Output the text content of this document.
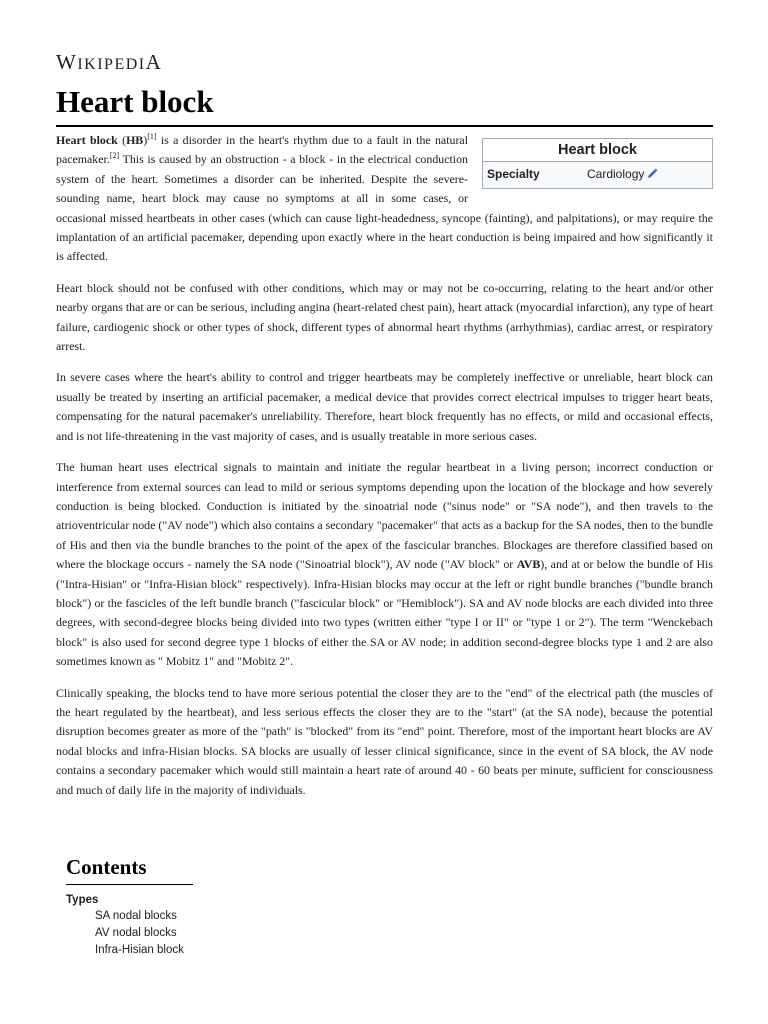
WIKIPEDIA
Heart block
Heart block
Specialty	Cardiology

Heart block (HB)[1] is a disorder in the heart's rhythm due to a fault in the natural pacemaker.[2] This is caused by an obstruction - a block - in the electrical conduction system of the heart. Sometimes a disorder can be inherited. Despite the severe-sounding name, heart block may cause no symptoms at all in some cases, or occasional missed heartbeats in other cases (which can cause light-headedness, syncope (fainting), and palpitations), or may require the implantation of an artificial pacemaker, depending upon exactly where in the heart conduction is being impaired and how significantly it is affected.

Heart block should not be confused with other conditions, which may or may not be co-occurring, relating to the heart and/or other nearby organs that are or can be serious, including angina (heart-related chest pain), heart attack (myocardial infarction), any type of heart failure, cardiogenic shock or other types of shock, different types of abnormal heart rhythms (arrhythmias), cardiac arrest, or respiratory arrest.

In severe cases where the heart's ability to control and trigger heartbeats may be completely ineffective or unreliable, heart block can usually be treated by inserting an artificial pacemaker, a medical device that provides correct electrical impulses to trigger heart beats, compensating for the natural pacemaker's unreliability. Therefore, heart block frequently has no effects, or mild and occasional effects, and is not life-threatening in the vast majority of cases, and is usually treatable in more serious cases.

The human heart uses electrical signals to maintain and initiate the regular heartbeat in a living person; incorrect conduction or interference from external sources can lead to mild or serious symptoms depending upon the location of the blockage and how severely conduction is being blocked. Conduction is initiated by the sinoatrial node ("sinus node" or "SA node"), and then travels to the atrioventricular node ("AV node") which also contains a secondary "pacemaker" that acts as a backup for the SA nodes, then to the bundle of His and then via the bundle branches to the point of the apex of the fascicular branches. Blockages are therefore classified based on where the blockage occurs - namely the SA node ("Sinoatrial block"), AV node ("AV block" or AVB), and at or below the bundle of His ("Intra-Hisian" or "Infra-Hisian block" respectively). Infra-Hisian blocks may occur at the left or right bundle branches ("bundle branch block") or the fascicles of the left bundle branch ("fascicular block" or "Hemiblock"). SA and AV node blocks are each divided into three degrees, with second-degree blocks being divided into two types (written either "type I or II" or "type 1 or 2"). The term "Wenckebach block" is also used for second degree type 1 blocks of either the SA or AV node; in addition second-degree blocks type 1 and 2 are also sometimes known as " Mobitz 1" and "Mobitz 2".

Clinically speaking, the blocks tend to have more serious potential the closer they are to the "end" of the electrical path (the muscles of the heart regulated by the heartbeat), and less serious effects the closer they are to the "start" (at the SA node), because the potential disruption becomes greater as more of the "path" is "blocked" from its "end" point. Therefore, most of the important heart blocks are AV nodal blocks and infra-Hisian blocks. SA blocks are usually of lesser clinical significance, since in the event of SA block, the AV node contains a secondary pacemaker which would still maintain a heart rate of around 40 - 60 beats per minute, sufficient for consciousness and much of daily life in the majority of individuals.

Contents
Types
SA nodal blocks
AV nodal blocks
Infra-Hisian block
